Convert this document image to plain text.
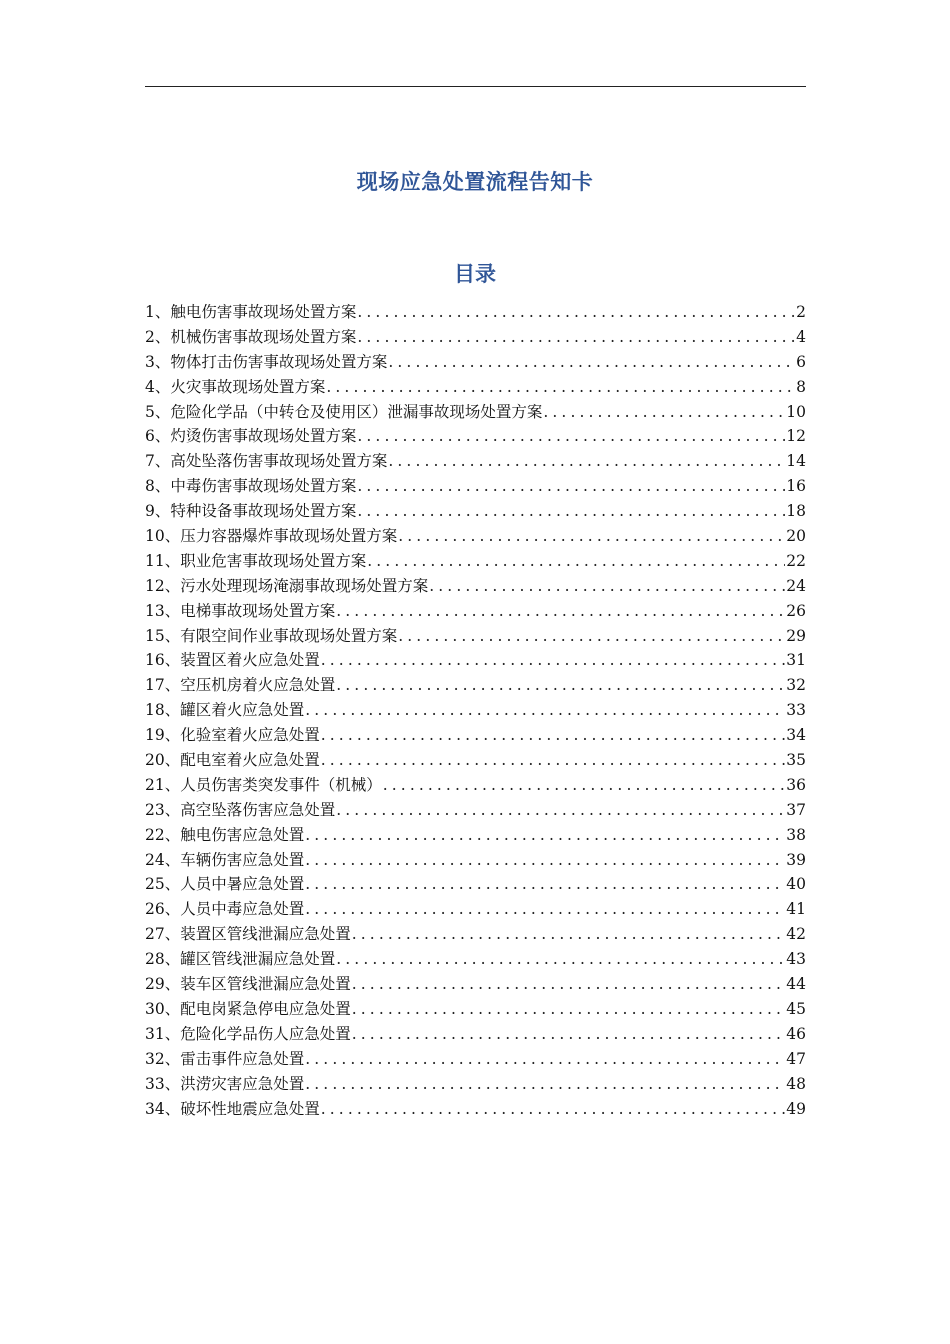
现场应急处置流程告知卡
目录
1、触电伤害事故现场处置方案 .....	2
2、机械伤害事故现场处置方案 .....	4
3、物体打击伤害事故现场处置方案 .....	6
4、火灾事故现场处置方案 .....	8
5、危险化学品（中转仓及使用区）泄漏事故现场处置方案 .....	10
6、灼烫伤害事故现场处置方案 .....	12
7、高处坠落伤害事故现场处置方案 .....	14
8、中毒伤害事故现场处置方案 .....	16
9、特种设备事故现场处置方案 .....	18
10、压力容器爆炸事故现场处置方案 .....	20
11、职业危害事故现场处置方案 .....	22
12、污水处理现场淹溺事故现场处置方案 .....	24
13、电梯事故现场处置方案 .....	26
15、有限空间作业事故现场处置方案 .....	29
16、装置区着火应急处置 .....	31
17、空压机房着火应急处置 .....	32
18、罐区着火应急处置 .....	33
19、化验室着火应急处置 .....	34
20、配电室着火应急处置 .....	35
21、人员伤害类突发事件（机械） .....	36
23、高空坠落伤害应急处置 .....	37
22、触电伤害应急处置 .....	38
24、车辆伤害应急处置 .....	39
25、人员中暑应急处置 .....	40
26、人员中毒应急处置 .....	41
27、装置区管线泄漏应急处置 .....	42
28、罐区管线泄漏应急处置 .....	43
29、装车区管线泄漏应急处置 .....	44
30、配电岗紧急停电应急处置 .....	45
31、危险化学品伤人应急处置 .....	46
32、雷击事件应急处置 .....	47
33、洪涝灾害应急处置 .....	48
34、破坏性地震应急处置 .....	49
